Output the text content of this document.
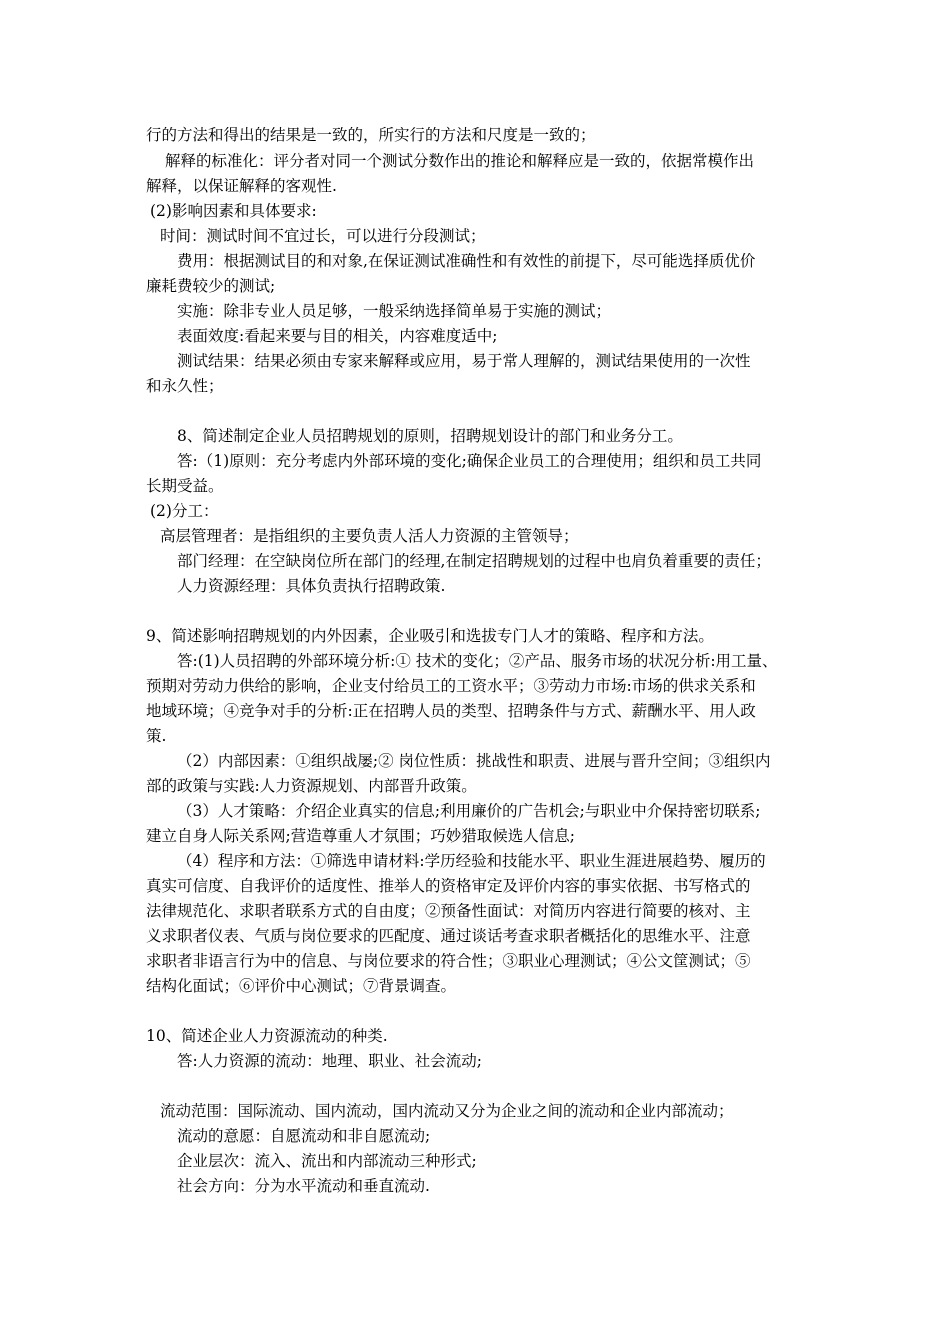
行的方法和得出的结果是一致的，所实行的方法和尺度是一致的；
解释的标准化：评分者对同一个测试分数作出的推论和解释应是一致的，依据常模作出
解释，以保证解释的客观性.
(2)影响因素和具体要求:
时间：测试时间不宜过长，可以进行分段测试；
费用：根据测试目的和对象,在保证测试准确性和有效性的前提下，尽可能选择质优价
廉耗费较少的测试;
实施：除非专业人员足够，一般采纳选择简单易于实施的测试；
表面效度:看起来要与目的相关，内容难度适中;
测试结果：结果必须由专家来解释或应用，易于常人理解的，测试结果使用的一次性
和永久性；
8、简述制定企业人员招聘规划的原则，招聘规划设计的部门和业务分工。
答:（1)原则：充分考虑内外部环境的变化;确保企业员工的合理使用；组织和员工共同
长期受益。
(2)分工：
高层管理者：是指组织的主要负责人活人力资源的主管领导；
部门经理：在空缺岗位所在部门的经理,在制定招聘规划的过程中也肩负着重要的责任；
人力资源经理：具体负责执行招聘政策.
9、简述影响招聘规划的内外因素，企业吸引和选拔专门人才的策略、程序和方法。
答:(1)人员招聘的外部环境分析:① 技术的变化；②产品、服务市场的状况分析:用工量、
预期对劳动力供给的影响，企业支付给员工的工资水平；③劳动力市场:市场的供求关系和
地域环境；④竞争对手的分析:正在招聘人员的类型、招聘条件与方式、薪酬水平、用人政
策.
（2）内部因素：①组织战屡;② 岗位性质：挑战性和职责、进展与晋升空间；③组织内
部的政策与实践:人力资源规划、内部晋升政策。
（3）人才策略：介绍企业真实的信息;利用廉价的广告机会;与职业中介保持密切联系;
建立自身人际关系网;营造尊重人才氛围；巧妙猎取候选人信息;
（4）程序和方法：①筛选申请材料:学历经验和技能水平、职业生涯进展趋势、履历的
真实可信度、自我评价的适度性、推举人的资格审定及评价内容的事实依据、书写格式的
法律规范化、求职者联系方式的自由度；②预备性面试：对简历内容进行简要的核对、主
义求职者仪表、气质与岗位要求的匹配度、通过谈话考查求职者概括化的思维水平、注意
求职者非语言行为中的信息、与岗位要求的符合性；③职业心理测试；④公文筐测试；⑤
结构化面试；⑥评价中心测试；⑦背景调查。
10、简述企业人力资源流动的种类.
答:人力资源的流动：地理、职业、社会流动;
流动范围：国际流动、国内流动，国内流动又分为企业之间的流动和企业内部流动；
流动的意愿：自愿流动和非自愿流动;
企业层次：流入、流出和内部流动三种形式;
社会方向：分为水平流动和垂直流动.
